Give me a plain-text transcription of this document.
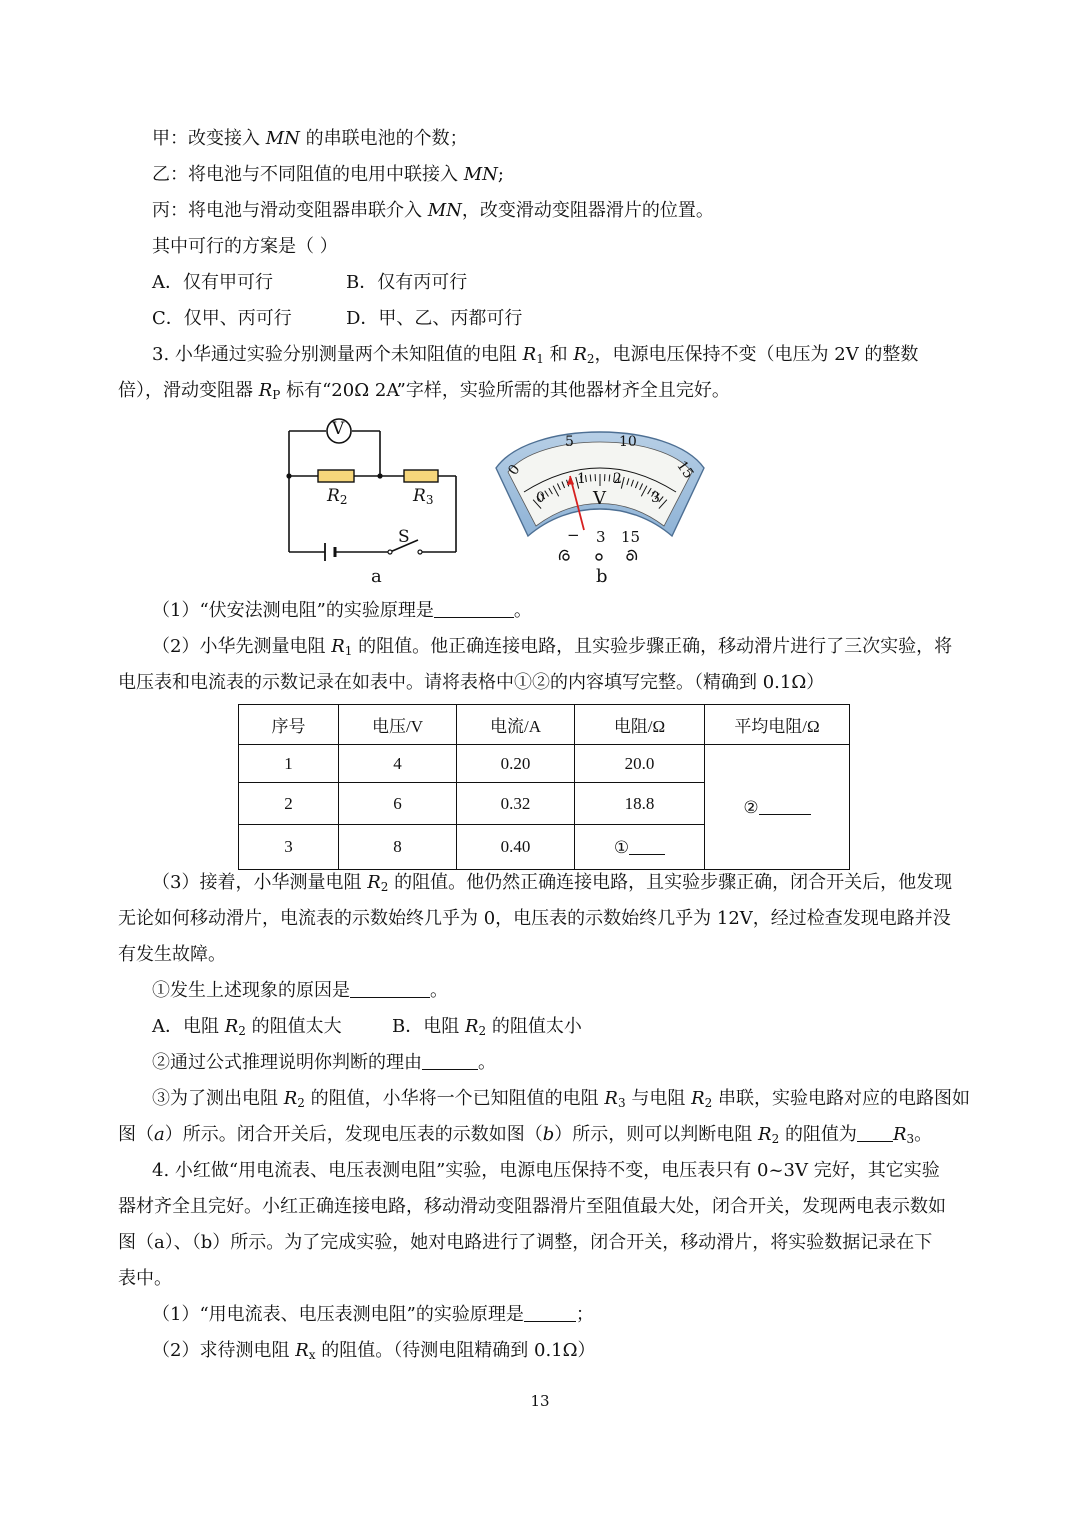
甲：改变接入 MN 的串联电池的个数；
乙：将电池与不同阻值的电用中联接入 MN;
丙：将电池与滑动变阻器串联介入 MN，改变滑动变阻器滑片的位置。
其中可行的方案是（ ）
A．仅有甲可行	B．仅有丙可行
C．仅甲、丙可行	D．甲、乙、丙都可行
3. 小华通过实验分别测量两个未知阻值的电阻 $R_1$ 和 $R_2$，电源电压保持不变（电压为 2V 的整数
倍），滑动变阻器 $R_P$ 标有“20Ω 2A”字样，实验所需的其他器材齐全且完好。
V
$R_2$	$R_3$
S
a
0
5	10
15
0
1 2
3
V
− 3 15
b
（1）“伏安法测电阻”的实验原理是	。
（2）小华先测量电阻 $R_1$ 的阻值。他正确连接电路，且实验步骤正确，移动滑片进行了三次实验，将
电压表和电流表的示数记录在如表中。请将表格中①②的内容填写完整。（精确到 0.1Ω）
序号	电压/V	电流/A	电阻/Ω	平均电阻/Ω
1	4	0.20	20.0	②
2	6	0.32	18.8	
3	8	0.40	①	
（3）接着，小华测量电阻 $R_2$ 的阻值。他仍然正确连接电路，且实验步骤正确，闭合开关后，他发现
无论如何移动滑片，电流表的示数始终几乎为 0，电压表的示数始终几乎为 12V，经过检查发现电路并没
有发生故障。
①发生上述现象的原因是	。
A．电阻 $R_2$ 的阻值太大	B．电阻 $R_2$ 的阻值太小
②通过公式推理说明你判断的理由	。
③为了测出电阻 $R_2$ 的阻值，小华将一个已知阻值的电阻 $R_3$ 与电阻 $R_2$ 串联，实验电路对应的电路图如
图（a）所示。闭合开关后，发现电压表的示数如图（b）所示，则可以判断电阻 $R_2$ 的阻值为 $R_3$。
4. 小红做“用电流表、电压表测电阻”实验，电源电压保持不变，电压表只有 0~3V 完好，其它实验
器材齐全且完好。小红正确连接电路，移动滑动变阻器滑片至阻值最大处，闭合开关，发现两电表示数如
图（a）、（b）所示。为了完成实验，她对电路进行了调整，闭合开关，移动滑片，将实验数据记录在下
表中。
（1）“用电流表、电压表测电阻”的实验原理是	；
（2）求待测电阻 $R_x$ 的阻值。（待测电阻精确到 0.1Ω）
13
